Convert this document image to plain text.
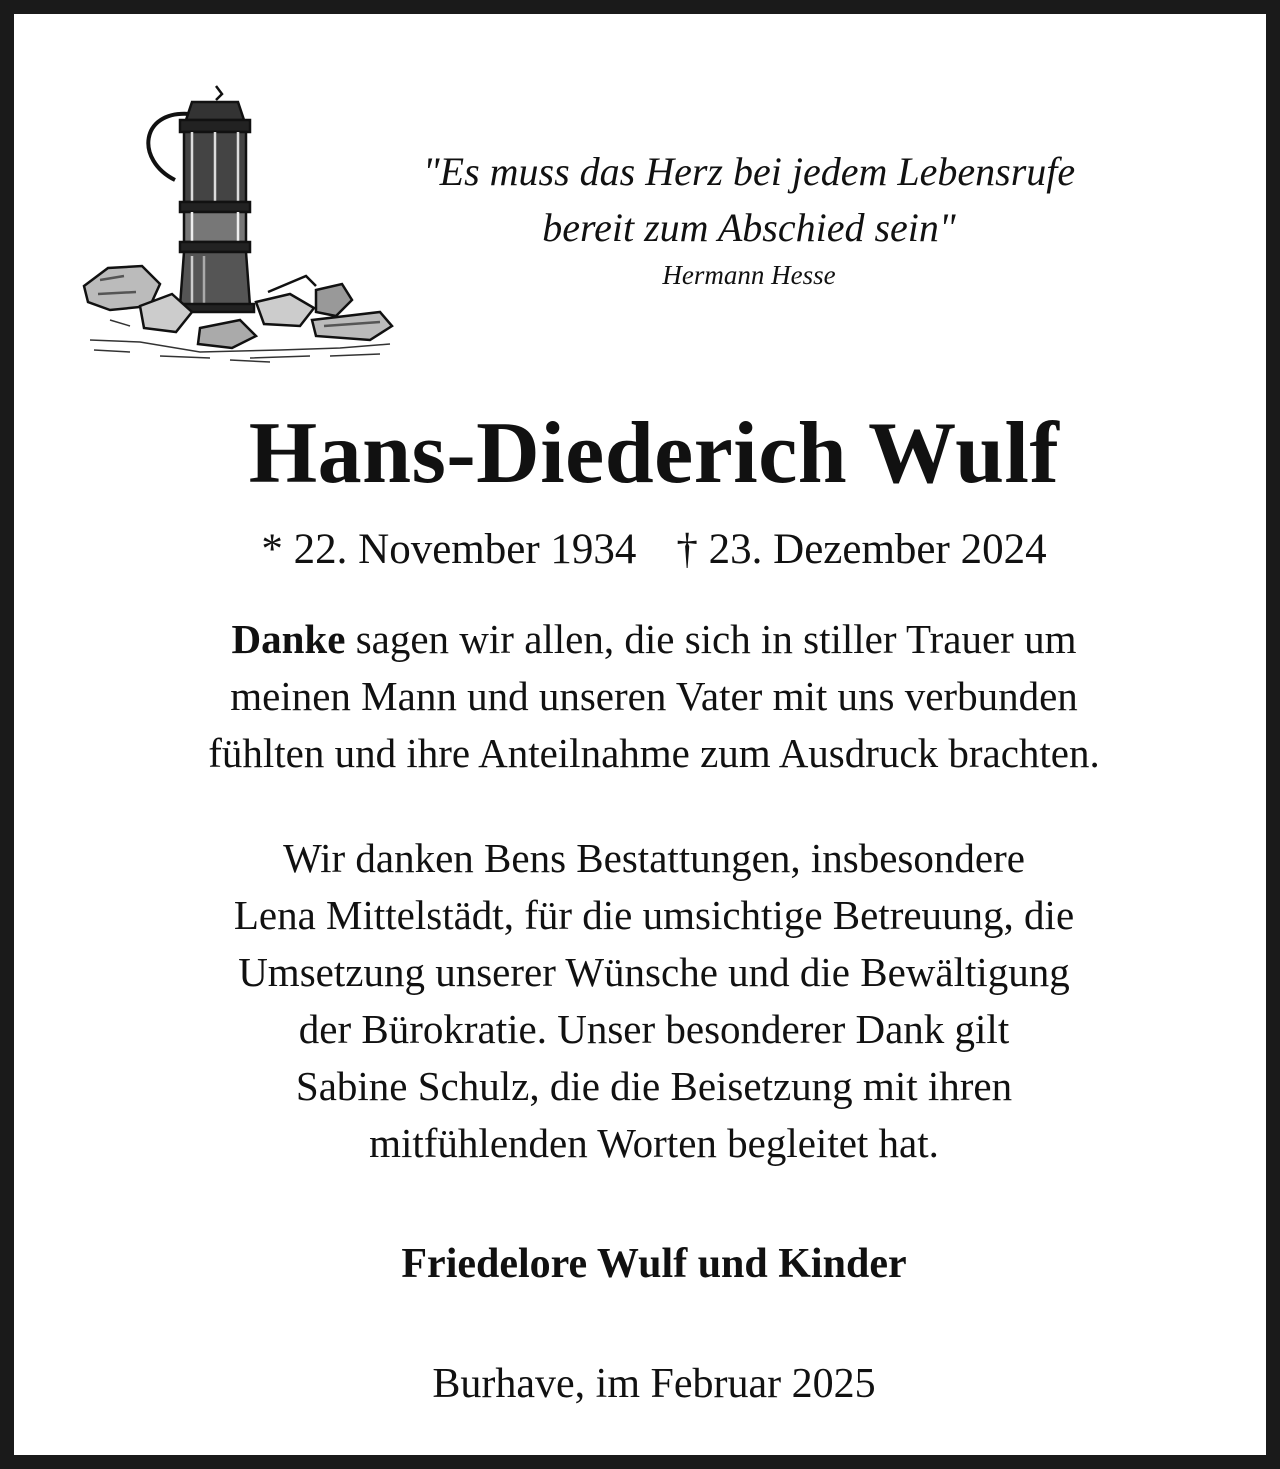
"Es muss das Herz bei jedem Lebensrufe
bereit zum Abschied sein"
Hermann Hesse
Hans-Diederich Wulf
* 22. November 1934 † 23. Dezember 2024
Danke sagen wir allen, die sich in stiller Trauer um
meinen Mann und unseren Vater mit uns verbunden
fühlten und ihre Anteilnahme zum Ausdruck brachten.
Wir danken Bens Bestattungen, insbesondere
Lena Mittelstädt, für die umsichtige Betreuung, die
Umsetzung unserer Wünsche und die Bewältigung
der Bürokratie. Unser besonderer Dank gilt
Sabine Schulz, die die Beisetzung mit ihren
mitfühlenden Worten begleitet hat.
Friedelore Wulf und Kinder
Burhave, im Februar 2025
